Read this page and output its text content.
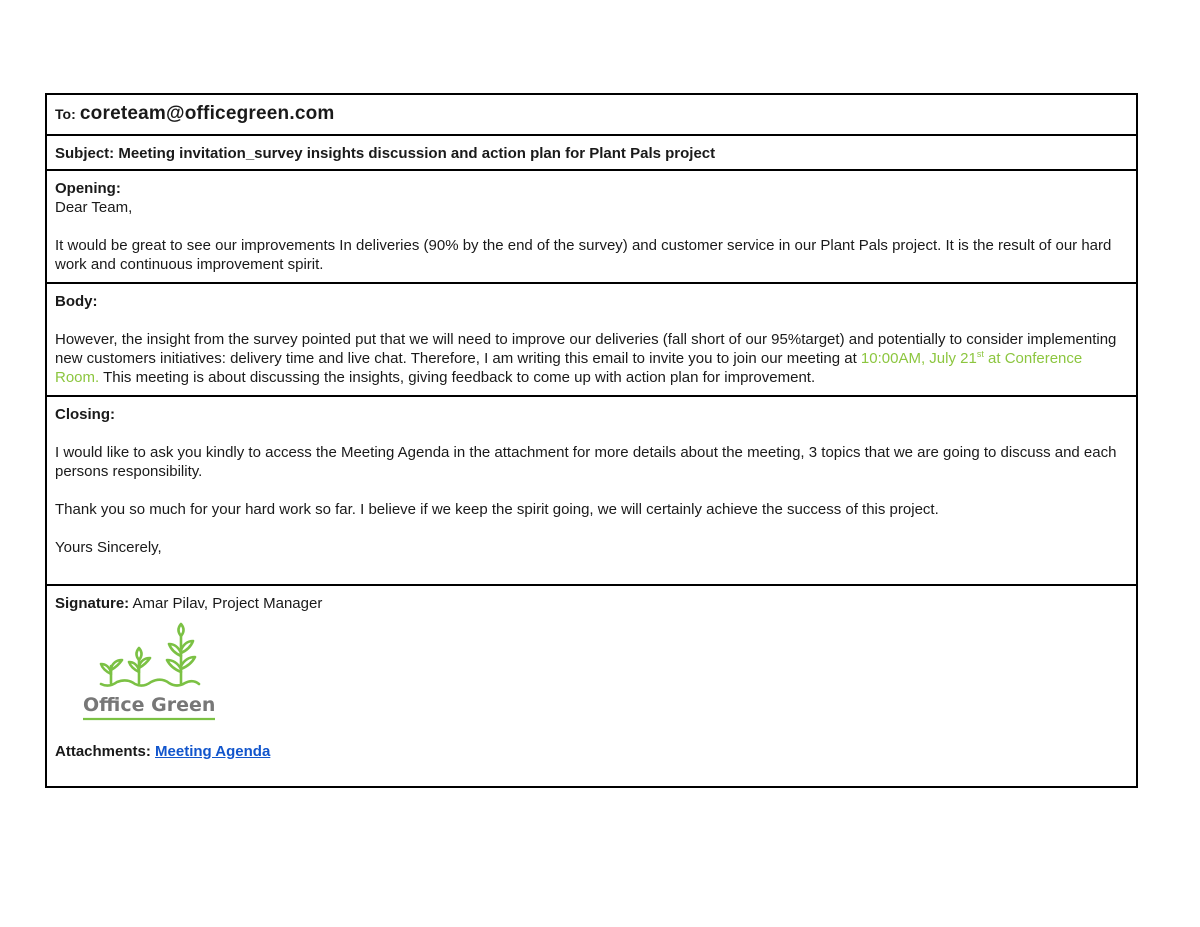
To: coreteam@officegreen.com
Subject: Meeting invitation_survey insights discussion and action plan for Plant Pals project

Opening:

Dear Team,

It would be great to see our improvements In deliveries (90% by the end of the survey) and customer service in our Plant Pals project. It is the result of our hard work and continuous improvement spirit.

Body:

However, the insight from the survey pointed put that we will need to improve our deliveries (fall short of our 95%target) and potentially to consider implementing new customers initiatives: delivery time and live chat. Therefore, I am writing this email to invite you to join our meeting at 10:00AM, July 21st at Conference Room. This meeting is about discussing the insights, giving feedback to come up with action plan for improvement.

Closing:

I would like to ask you kindly to access the Meeting Agenda in the attachment for more details about the meeting, 3 topics that we are going to discuss and each persons responsibility.

Thank you so much for your hard work so far. I believe if we keep the spirit going, we will certainly achieve the success of this project.

Yours Sincerely,

Signature: Amar Pilav, Project Manager

Office Green

Attachments: Meeting Agenda
